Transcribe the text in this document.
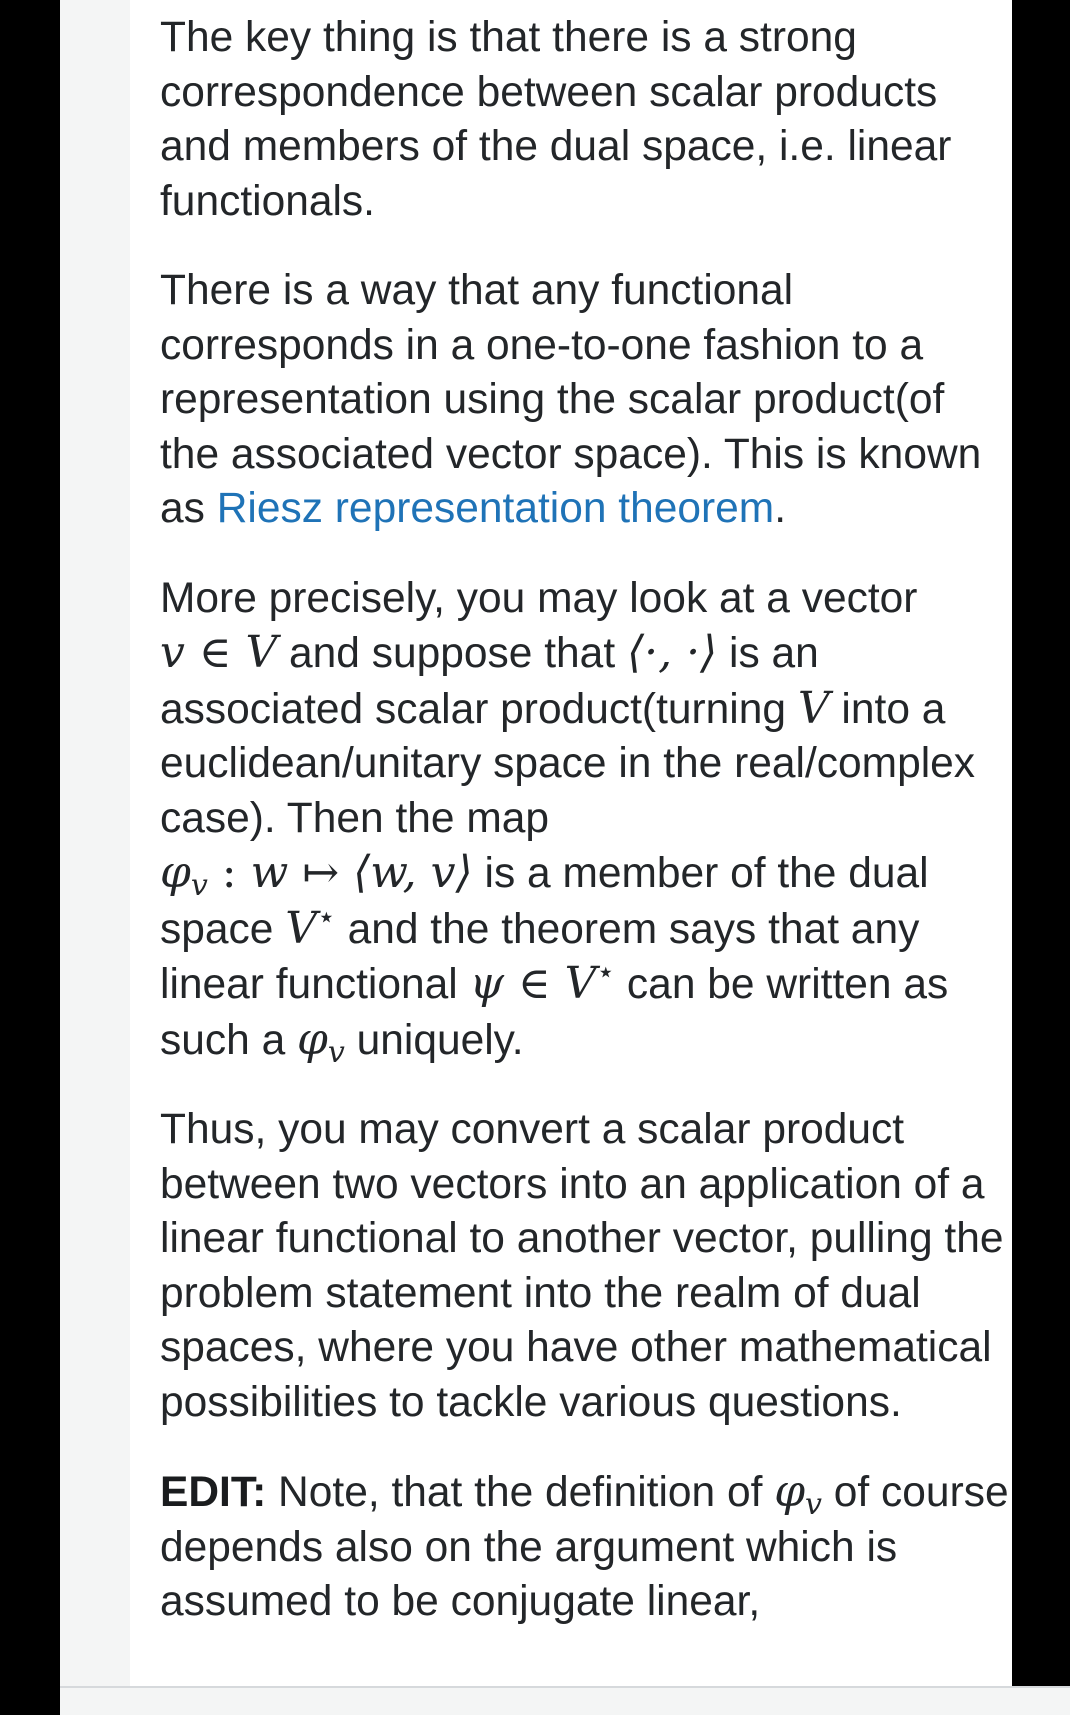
The key thing is that there is a strong correspondence between scalar products and members of the dual space, i.e. linear functionals.

There is a way that any functional corresponds in a one-to-one fashion to a representation using the scalar product(of the associated vector space). This is known as Riesz representation theorem.

More precisely, you may look at a vector
v ∈ V and suppose that ⟨·, ·⟩ is an associated scalar product(turning V into a euclidean/unitary space in the real/complex case). Then the map
$\varphi_v$ : w ↦ ⟨w, v⟩ is a member of the dual space V⋆ and the theorem says that any linear functional ψ ∈ V⋆ can be written as such a $\varphi_v$ uniquely.

Thus, you may convert a scalar product between two vectors into an application of a linear functional to another vector, pulling the problem statement into the realm of dual spaces, where you have other mathematical possibilities to tackle various questions.

EDIT: Note, that the definition of $\varphi_v$ of course depends also on the argument which is assumed to be conjugate linear,
